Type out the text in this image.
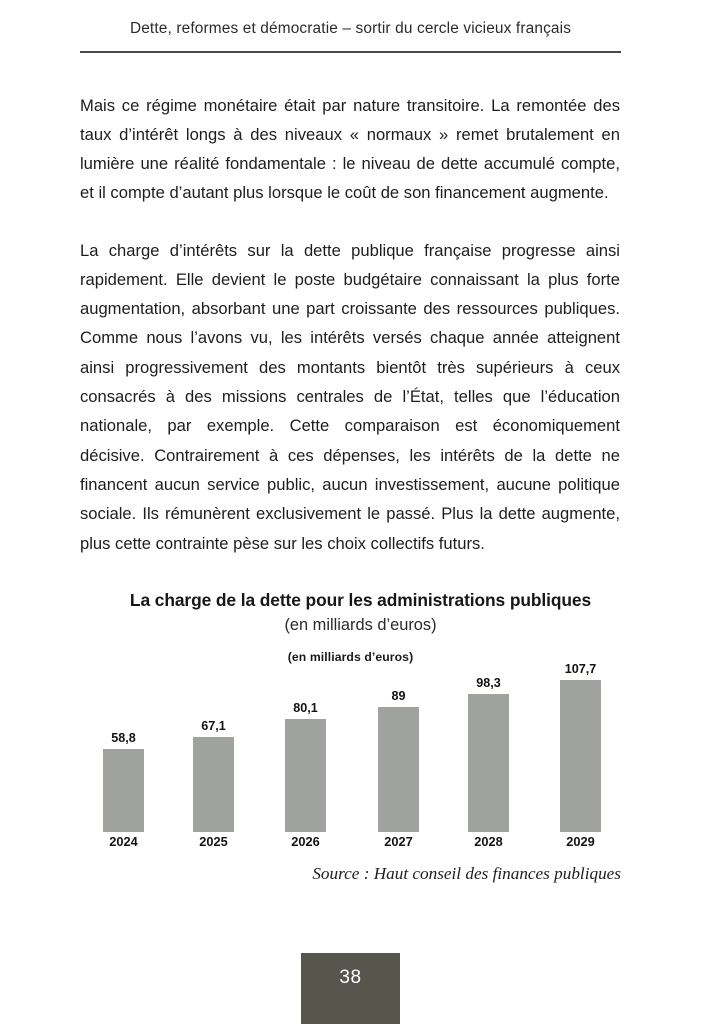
Dette, reformes et démocratie – sortir du cercle vicieux français

Mais ce régime monétaire était par nature transitoire. La remontée des taux d’intérêt longs à des niveaux « normaux » remet brutalement en lumière une réalité fondamentale : le niveau de dette accumulé compte, et il compte d’autant plus lorsque le coût de son financement augmente.

La charge d’intérêts sur la dette publique française progresse ainsi rapidement. Elle devient le poste budgétaire connaissant la plus forte augmentation, absorbant une part croissante des ressources publiques. Comme nous l’avons vu, les intérêts versés chaque année atteignent ainsi progressivement des montants bientôt très supérieurs à ceux consacrés à des missions centrales de l’État, telles que l’éducation nationale, par exemple. Cette comparaison est économiquement décisive. Contrairement à ces dépenses, les intérêts de la dette ne financent aucun service public, aucun investissement, aucune politique sociale. Ils rémunèrent exclusivement le passé. Plus la dette augmente, plus cette contrainte pèse sur les choix collectifs futurs.

La charge de la dette pour les administrations publiques
(en milliards d’euros)
(en milliards d’euros)
58,8
67,1
80,1
89
98,3
107,7
2024	2025	2026	2027	2028	2029
Source : Haut conseil des finances publiques
38
